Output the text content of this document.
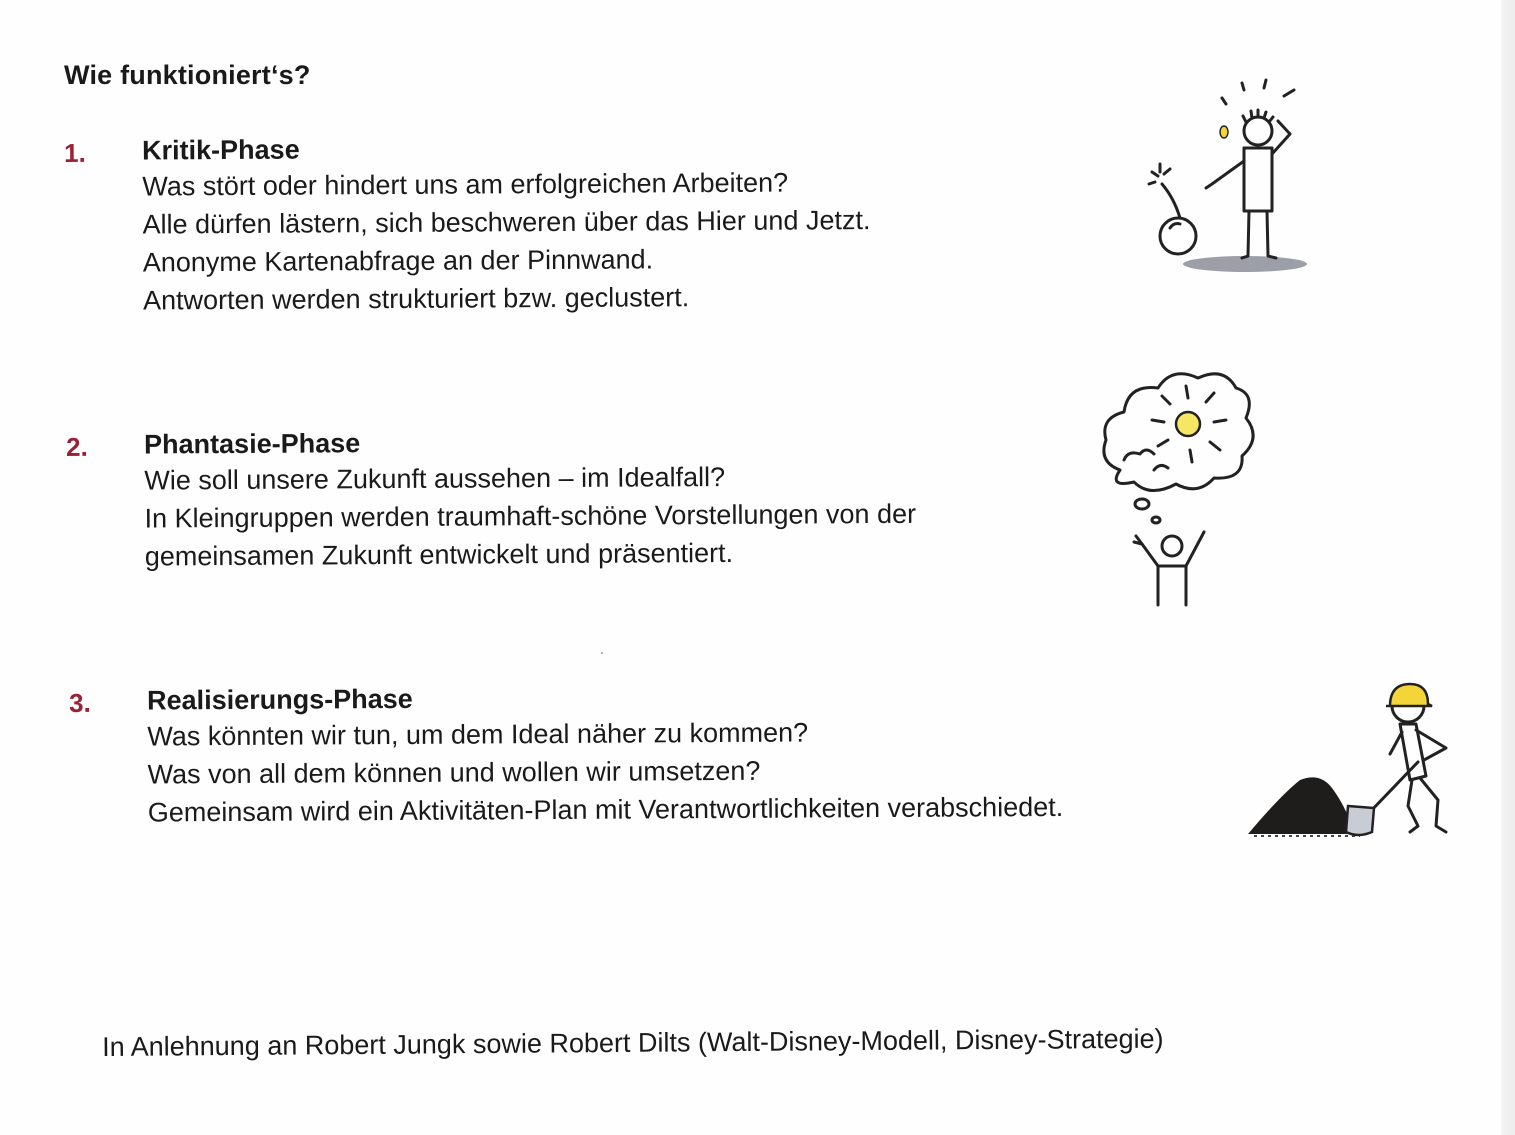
Wie funktioniert‘s?
1. Kritik-Phase

Was stört oder hindert uns am erfolgreichen Arbeiten?

Alle dürfen lästern, sich beschweren über das Hier und Jetzt.

Anonyme Kartenabfrage an der Pinnwand.

Antworten werden strukturiert bzw. geclustert.

2. Phantasie-Phase

Wie soll unsere Zukunft aussehen – im Idealfall?

In Kleingruppen werden traumhaft-schöne Vorstellungen von der

gemeinsamen Zukunft entwickelt und präsentiert.

3. Realisierungs-Phase

Was könnten wir tun, um dem Ideal näher zu kommen?

Was von all dem können und wollen wir umsetzen?

Gemeinsam wird ein Aktivitäten-Plan mit Verantwortlichkeiten verabschiedet.

In Anlehnung an Robert Jungk sowie Robert Dilts (Walt-Disney-Modell, Disney-Strategie)
